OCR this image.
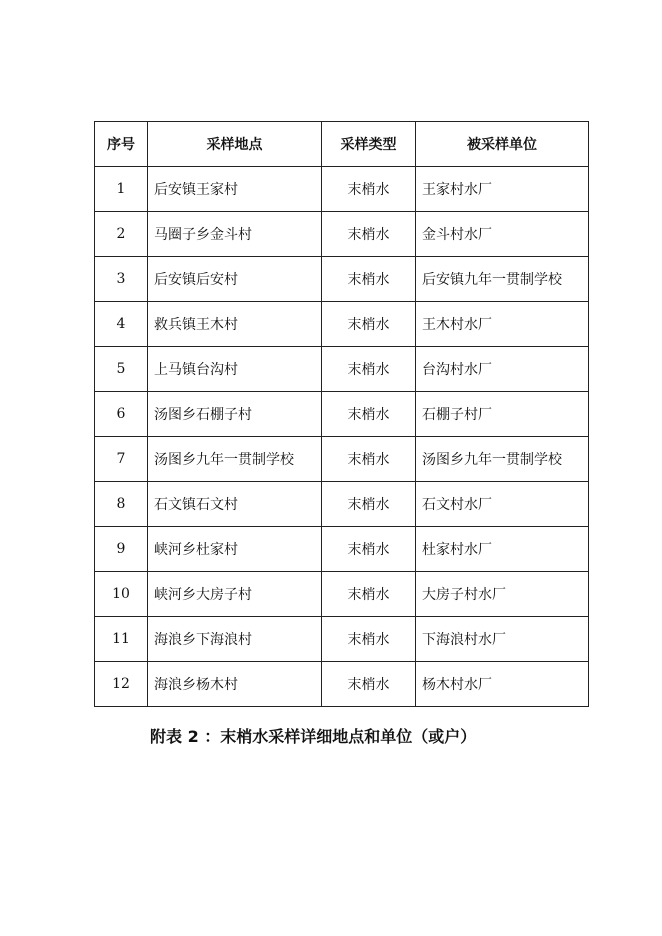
序号	采样地点	采样类型	被采样单位
1	后安镇王家村	末梢水	王家村水厂
2	马圈子乡金斗村	末梢水	金斗村水厂
3	后安镇后安村	末梢水	后安镇九年一贯制学校
4	救兵镇王木村	末梢水	王木村水厂
5	上马镇台沟村	末梢水	台沟村水厂
6	汤图乡石棚子村	末梢水	石棚子村厂
7	汤图乡九年一贯制学校	末梢水	汤图乡九年一贯制学校
8	石文镇石文村	末梢水	石文村水厂
9	峡河乡杜家村	末梢水	杜家村水厂
10	峡河乡大房子村	末梢水	大房子村水厂
11	海浪乡下海浪村	末梢水	下海浪村水厂
12	海浪乡杨木村	末梢水	杨木村水厂
附表 2 ：末梢水采样详细地点和单位（或户）
